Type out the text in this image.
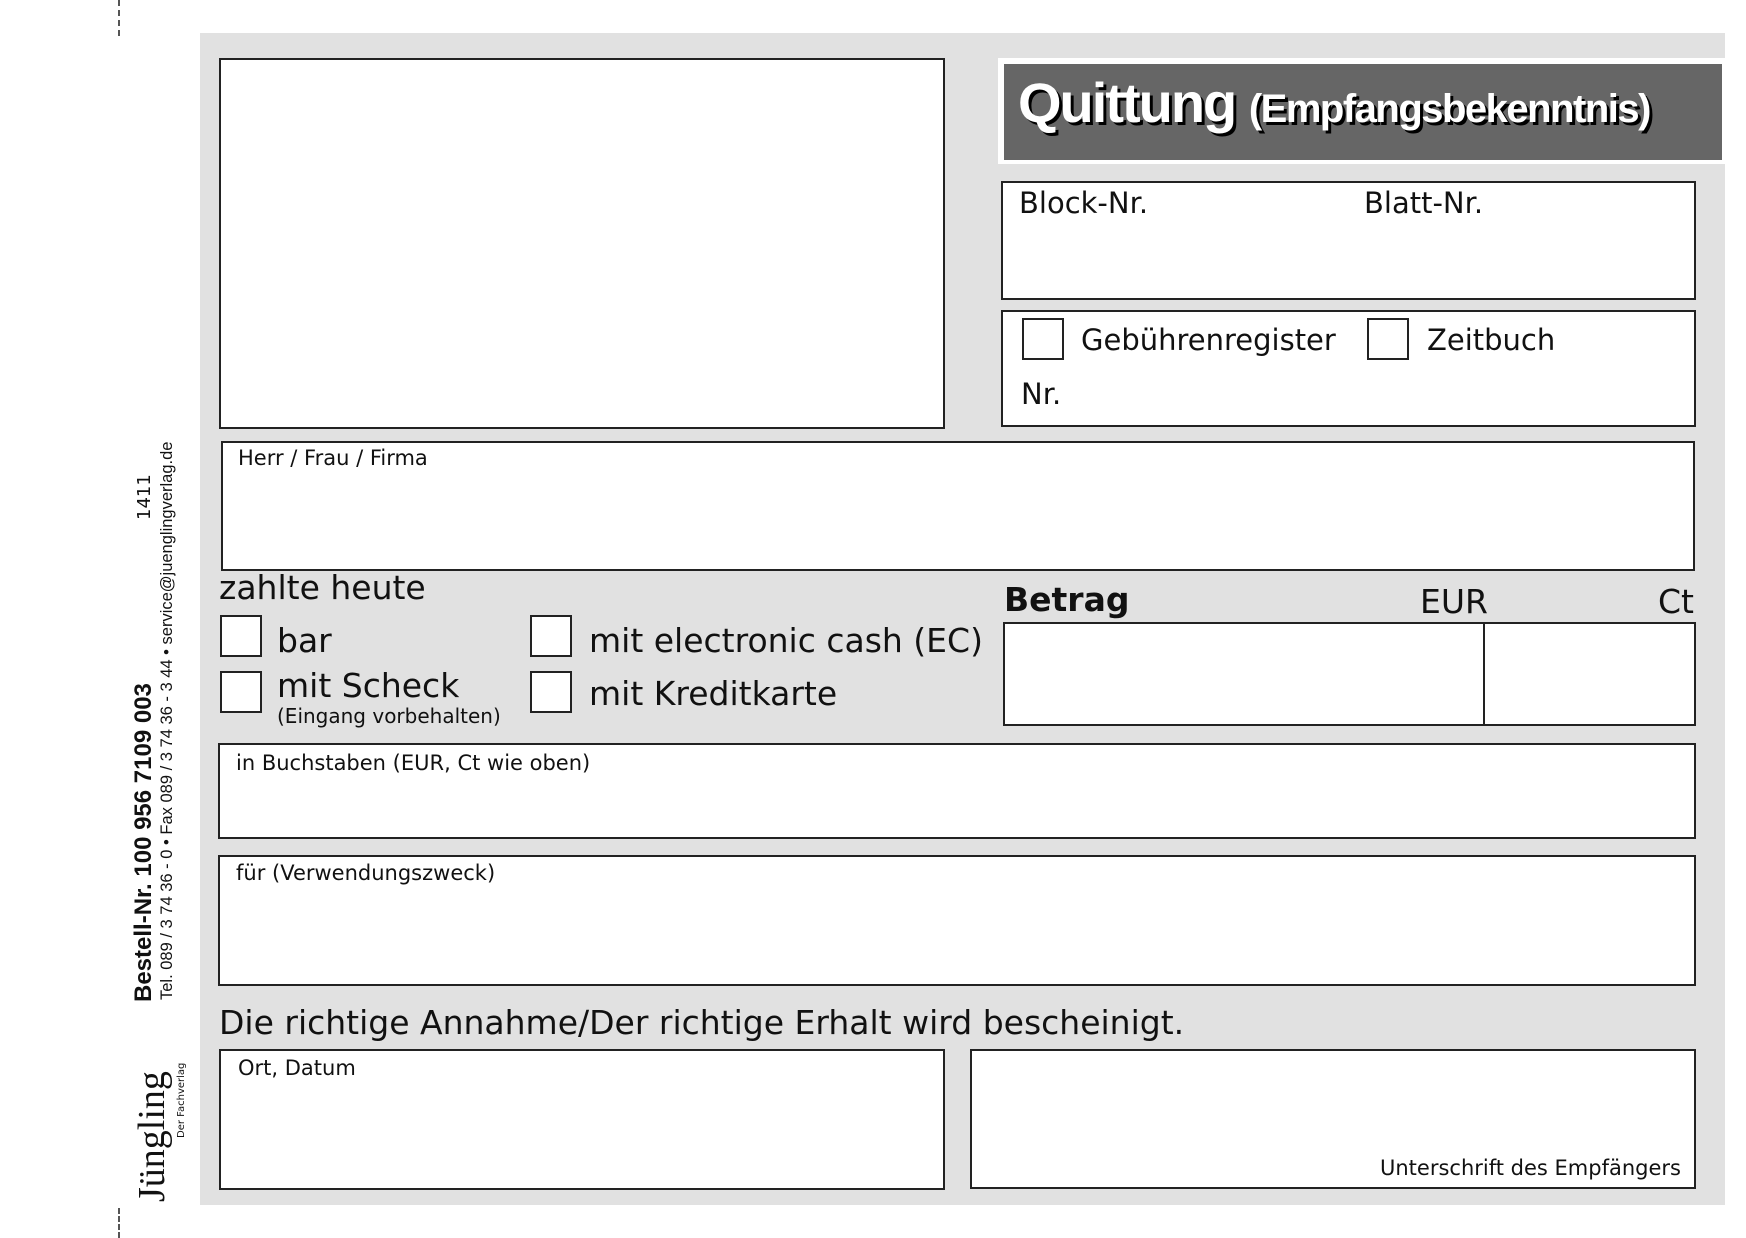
1411 Tel. 089 / 3 74 36 - 0 • Fax 089 / 3 74 36 - 3 44 • service@juenglingverlag.de
Bestell-Nr. 100 956 7109 003
Jüngling Der Fachverlag
Quittung (Empfangsbekenntnis)
Block-Nr.	Blatt-Nr.
Gebührenregister	Zeitbuch
Nr.
Herr / Frau / Firma
zahlte heute
bar
mit Scheck
(Eingang vorbehalten)
mit electronic cash (EC)
mit Kreditkarte
Betrag	EUR	Ct
in Buchstaben (EUR, Ct wie oben)
für (Verwendungszweck)
Die richtige Annahme/Der richtige Erhalt wird bescheinigt.
Ort, Datum
Unterschrift des Empfängers
